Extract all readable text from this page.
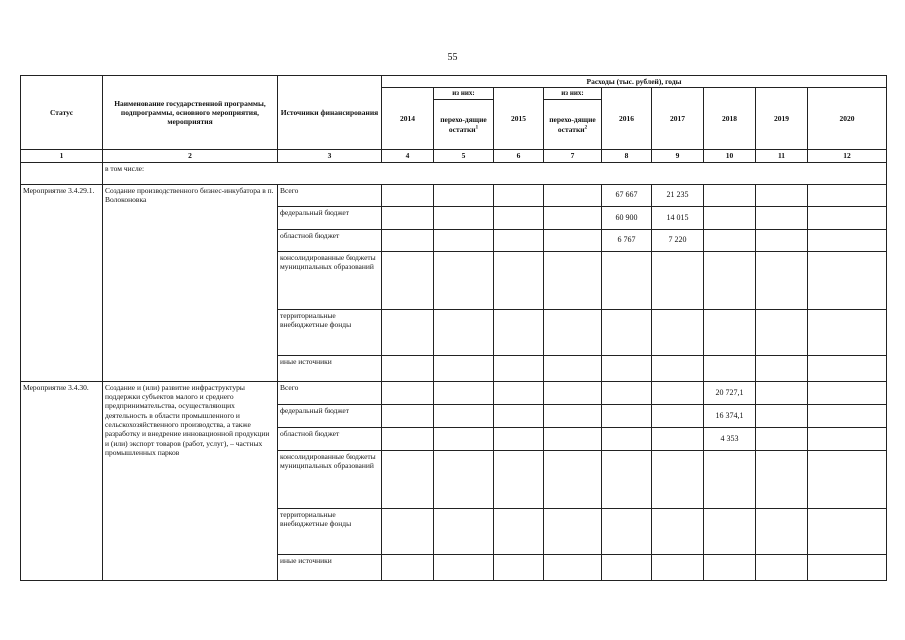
55
Статус	Наименование государственной программы, подпрограммы, основного мероприятия, мероприятия	Источники финансирования	Расходы (тыс. рублей), годы								
			2014	из них:	2015	из них:	2016	2017	2018	2019	2020
				перехо-дящие остатки$^1$		перехо-дящие остатки$^2$
1	2	3	4	5	6	7	8	9	10	11	12
	в том числе:										
Мероприятие 3.4.29.1.	Создание производственного бизнес-инкубатора в п. Волоконовка	Всего					67 667	21 235			
		федеральный бюджет					60 900	14 015			
		областной бюджет					6 767	7 220			
		консолидированные бюджеты муниципальных образований									
		территориальные внебюджетные фонды									
		иные источники									
Мероприятие 3.4.30.	Создание и (или) развитие инфраструктуры поддержки субъектов малого и среднего предпринимательства, осуществляющих деятельность в области промышленного и сельскохозяйственного производства, а также разработку и внедрение инновационной продукции и (или) экспорт товаров (работ, услуг), – частных промышленных парков	Всего							20 727,1		
		федеральный бюджет							16 374,1		
		областной бюджет							4 353		
		консолидированные бюджеты муниципальных образований									
		территориальные внебюджетные фонды									
		иные источники									
